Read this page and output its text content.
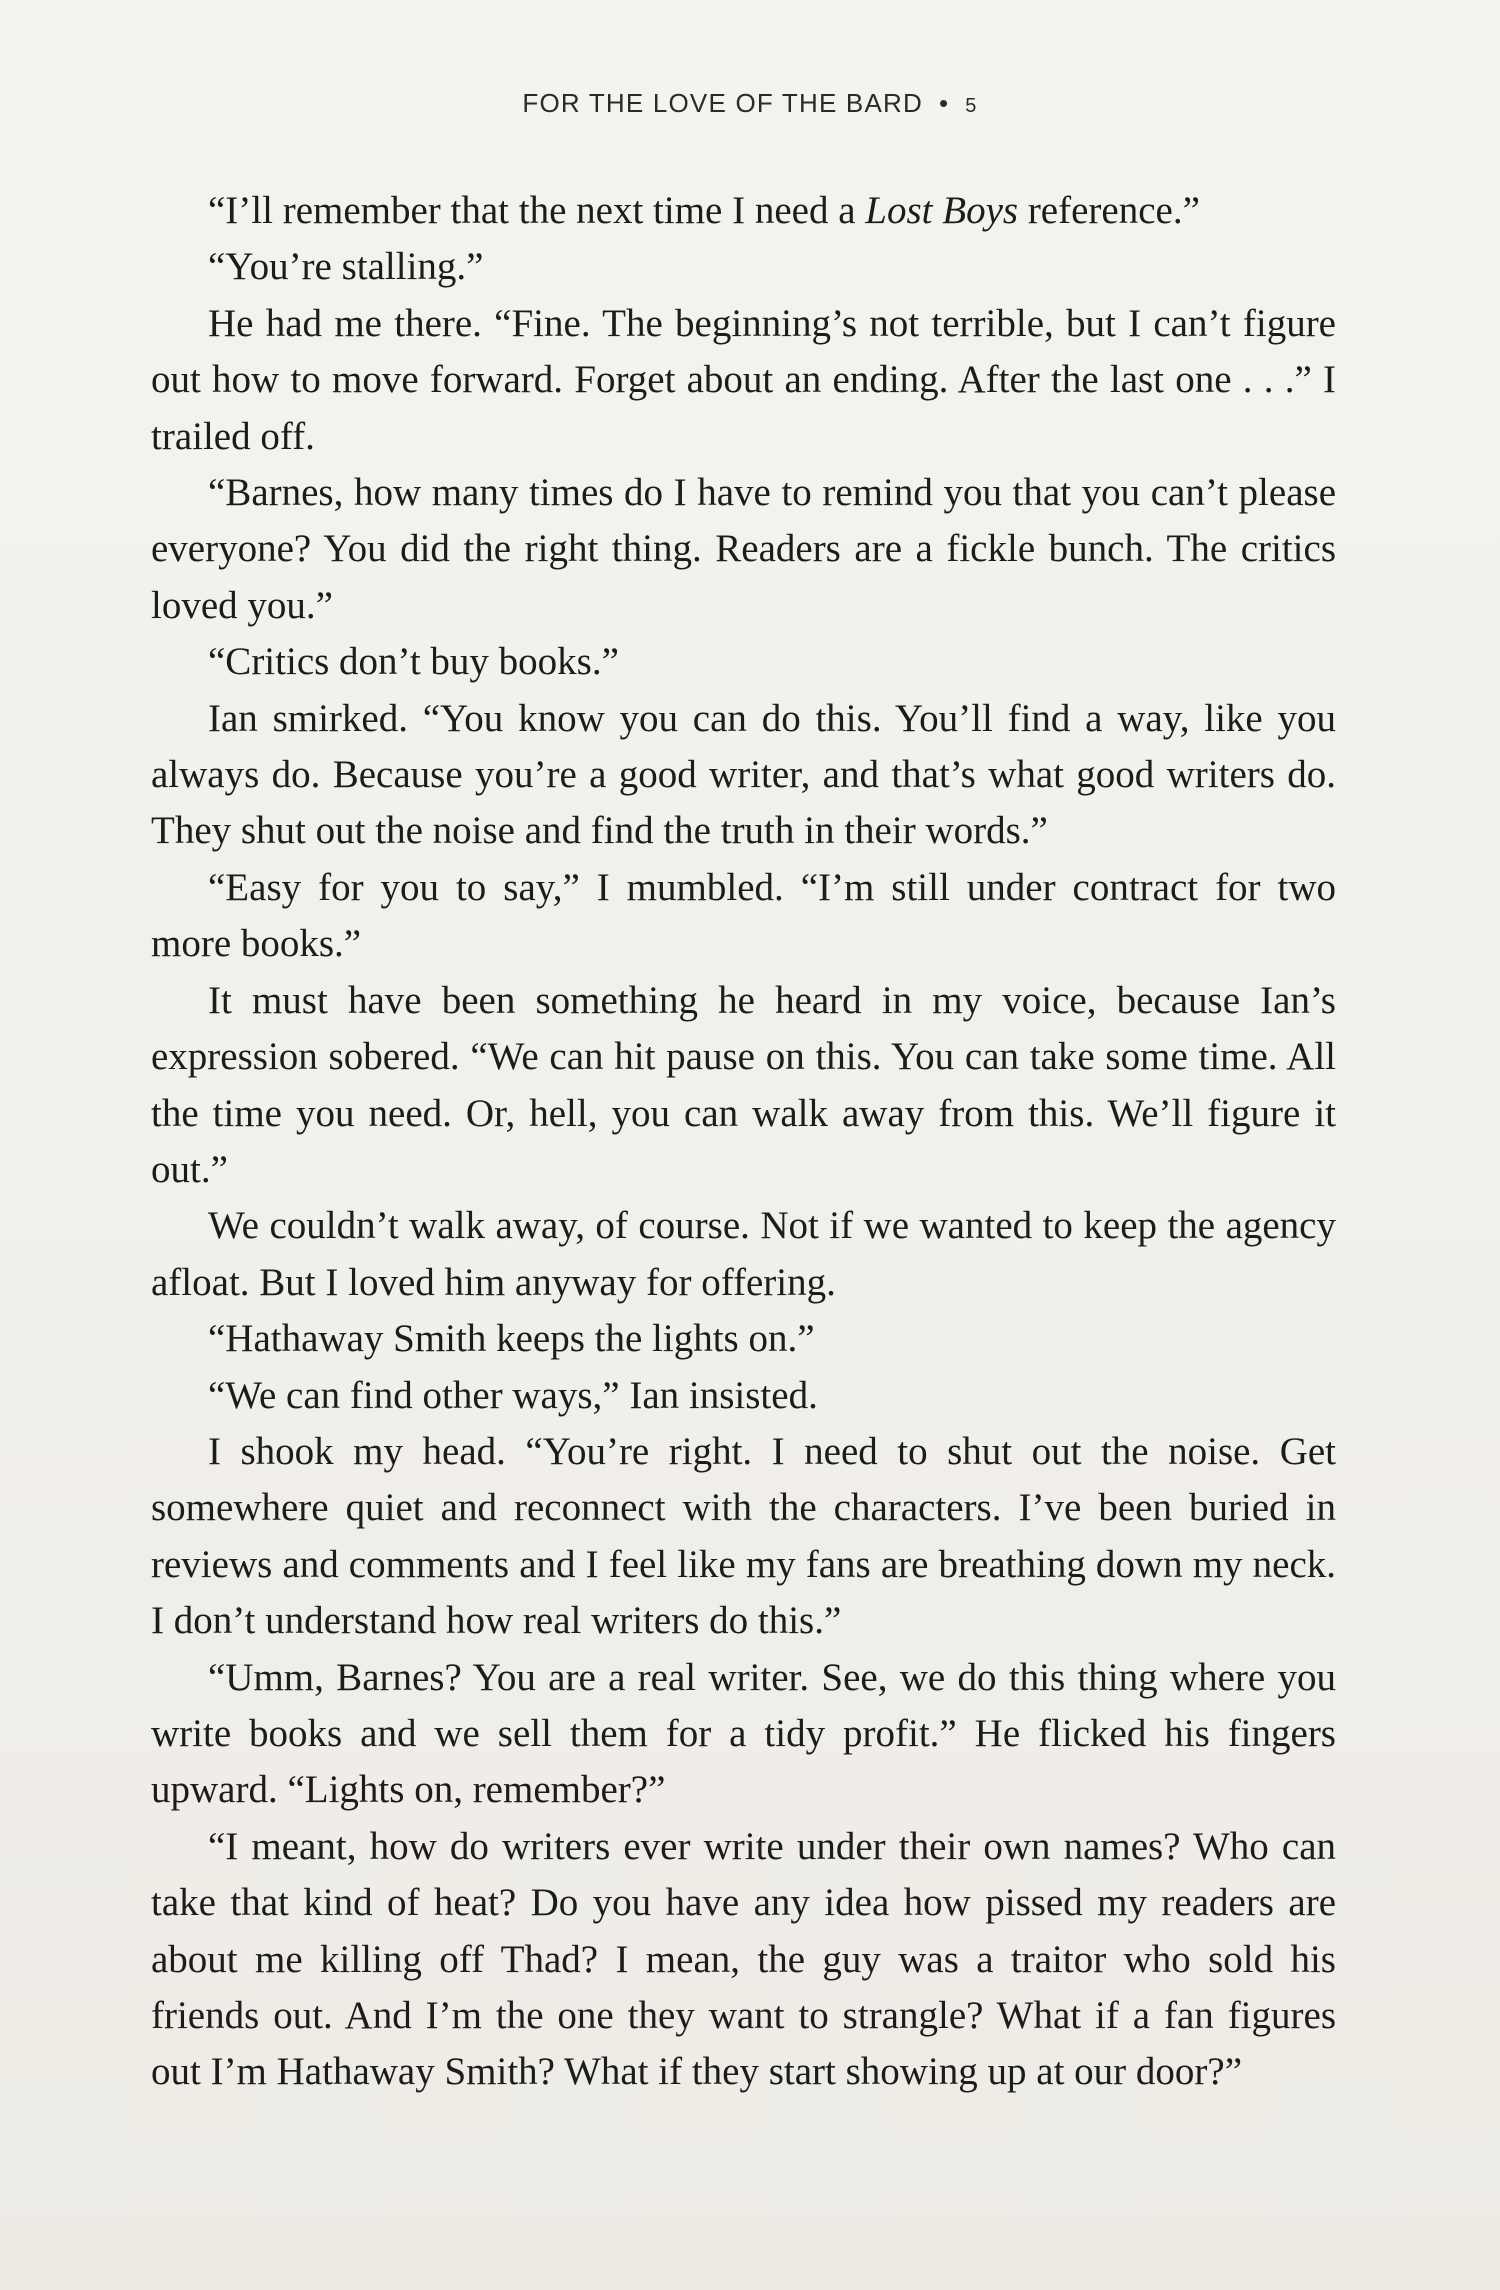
FOR THE LOVE OF THE BARD • 5

“I’ll remember that the next time I need a Lost Boys reference.”

“You’re stalling.”

He had me there. “Fine. The beginning’s not terrible, but I can’t figure out how to move forward. Forget about an ending. After the last one . . .” I trailed off.

“Barnes, how many times do I have to remind you that you can’t please everyone? You did the right thing. Readers are a fickle bunch. The critics loved you.”

“Critics don’t buy books.”

Ian smirked. “You know you can do this. You’ll find a way, like you always do. Because you’re a good writer, and that’s what good writers do. They shut out the noise and find the truth in their words.”

“Easy for you to say,” I mumbled. “I’m still under contract for two more books.”

It must have been something he heard in my voice, because Ian’s expression sobered. “We can hit pause on this. You can take some time. All the time you need. Or, hell, you can walk away from this. We’ll figure it out.”

We couldn’t walk away, of course. Not if we wanted to keep the agency afloat. But I loved him anyway for offering.

“Hathaway Smith keeps the lights on.”

“We can find other ways,” Ian insisted.

I shook my head. “You’re right. I need to shut out the noise. Get somewhere quiet and reconnect with the characters. I’ve been buried in reviews and comments and I feel like my fans are breathing down my neck. I don’t understand how real writers do this.”

“Umm, Barnes? You are a real writer. See, we do this thing where you write books and we sell them for a tidy profit.” He flicked his fingers upward. “Lights on, remember?”

“I meant, how do writers ever write under their own names? Who can take that kind of heat? Do you have any idea how pissed my readers are about me killing off Thad? I mean, the guy was a traitor who sold his friends out. And I’m the one they want to strangle? What if a fan figures out I’m Hathaway Smith? What if they start showing up at our door?”
